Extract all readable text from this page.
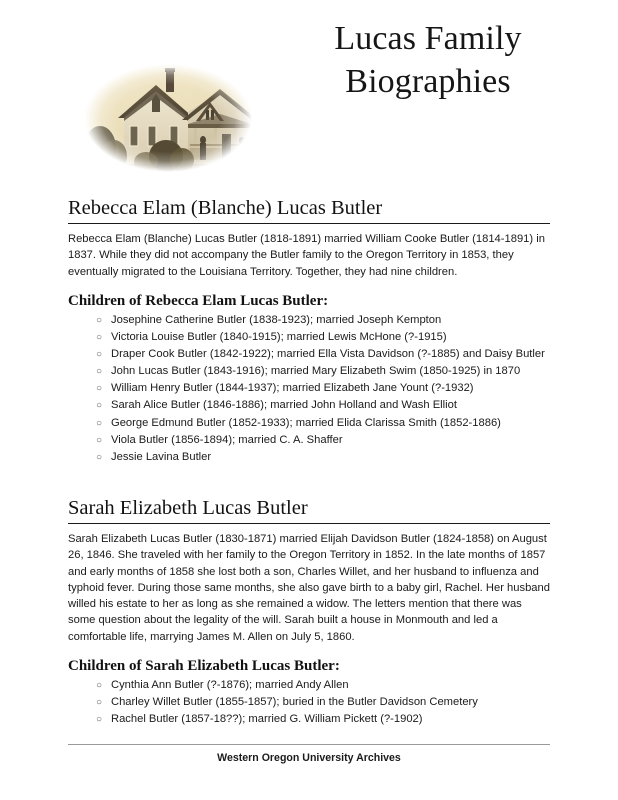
Lucas Family
Biographies
Rebecca Elam (Blanche) Lucas Butler
Rebecca Elam (Blanche) Lucas Butler (1818-1891) married William Cooke Butler (1814-1891) in 1837. While they did not accompany the Butler family to the Oregon Territory in 1853, they eventually migrated to the Louisiana Territory. Together, they had nine children.
Children of Rebecca Elam Lucas Butler:
○ Josephine Catherine Butler (1838-1923); married Joseph Kempton
○ Victoria Louise Butler (1840-1915); married Lewis McHone (?-1915)
○ Draper Cook Butler (1842-1922); married Ella Vista Davidson (?-1885) and Daisy Butler
○ John Lucas Butler (1843-1916); married Mary Elizabeth Swim (1850-1925) in 1870
○ William Henry Butler (1844-1937); married Elizabeth Jane Yount (?-1932)
○ Sarah Alice Butler (1846-1886); married John Holland and Wash Elliot
○ George Edmund Butler (1852-1933); married Elida Clarissa Smith (1852-1886)
○ Viola Butler (1856-1894); married C. A. Shaffer
○ Jessie Lavina Butler
Sarah Elizabeth Lucas Butler
Sarah Elizabeth Lucas Butler (1830-1871) married Elijah Davidson Butler (1824-1858) on August 26, 1846. She traveled with her family to the Oregon Territory in 1852. In the late months of 1857 and early months of 1858 she lost both a son, Charles Willet, and her husband to influenza and typhoid fever. During those same months, she also gave birth to a baby girl, Rachel. Her husband willed his estate to her as long as she remained a widow. The letters mention that there was some question about the legality of the will. Sarah built a house in Monmouth and led a comfortable life, marrying James M. Allen on July 5, 1860.
Children of Sarah Elizabeth Lucas Butler:
○ Cynthia Ann Butler (?-1876); married Andy Allen
○ Charley Willet Butler (1855-1857); buried in the Butler Davidson Cemetery
○ Rachel Butler (1857-18??); married G. William Pickett (?-1902)
Western Oregon University Archives
